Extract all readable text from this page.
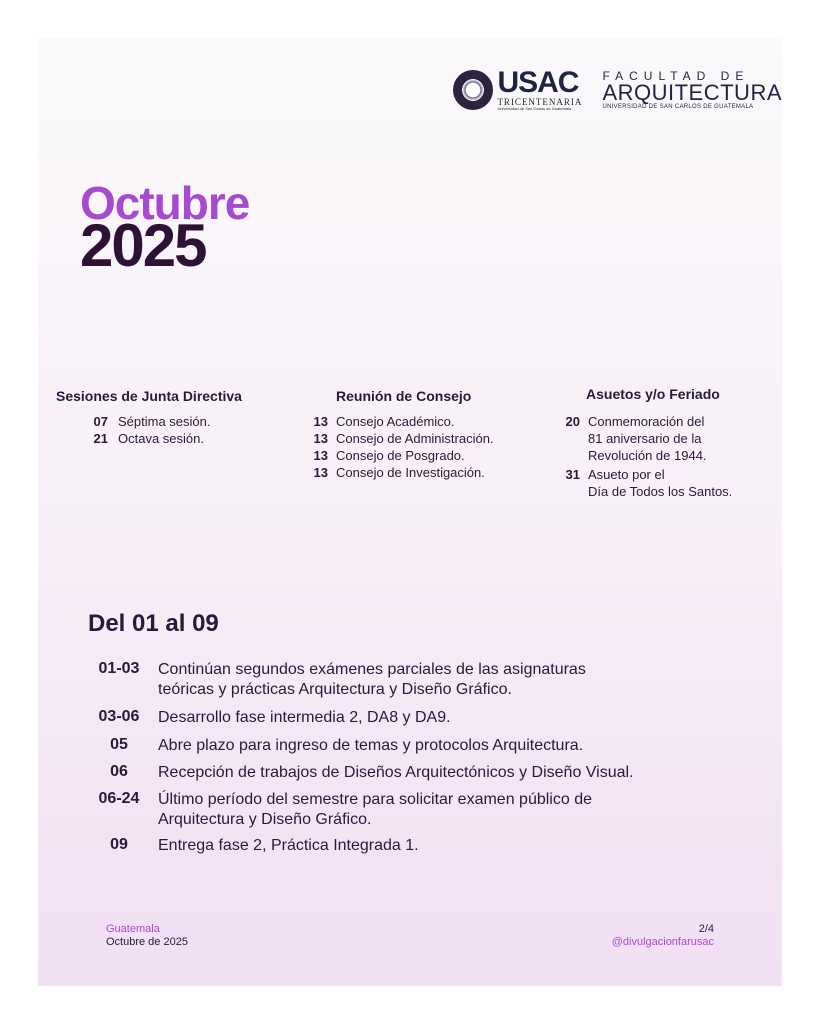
USAC
TRICENTENARIA
Universidad de San Carlos de Guatemala
FACULTAD DE
ARQUITECTURA
UNIVERSIDAD DE SAN CARLOS DE GUATEMALA
Octubre
2025
Sesiones de Junta Directiva
07 Séptima sesión.
21 Octava sesión.
Reunión de Consejo
13 Consejo Académico.
13 Consejo de Administración.
13 Consejo de Posgrado.
13 Consejo de Investigación.
Asuetos y/o Feriado
20 Conmemoración del
81 aniversario de la
Revolución de 1944.
31 Asueto por el
Día de Todos los Santos.
Del 01 al 09
01-03	Continúan segundos exámenes parciales de las asignaturas
teóricas y prácticas Arquitectura y Diseño Gráfico.
03-06	Desarrollo fase intermedia 2, DA8 y DA9.
05	Abre plazo para ingreso de temas y protocolos Arquitectura.
06	Recepción de trabajos de Diseños Arquitectónicos y Diseño Visual.
06-24	Último período del semestre para solicitar examen público de
Arquitectura y Diseño Gráfico.
09	Entrega fase 2, Práctica Integrada 1.
Guatemala
Octubre de 2025
2/4
@divulgacionfarusac
